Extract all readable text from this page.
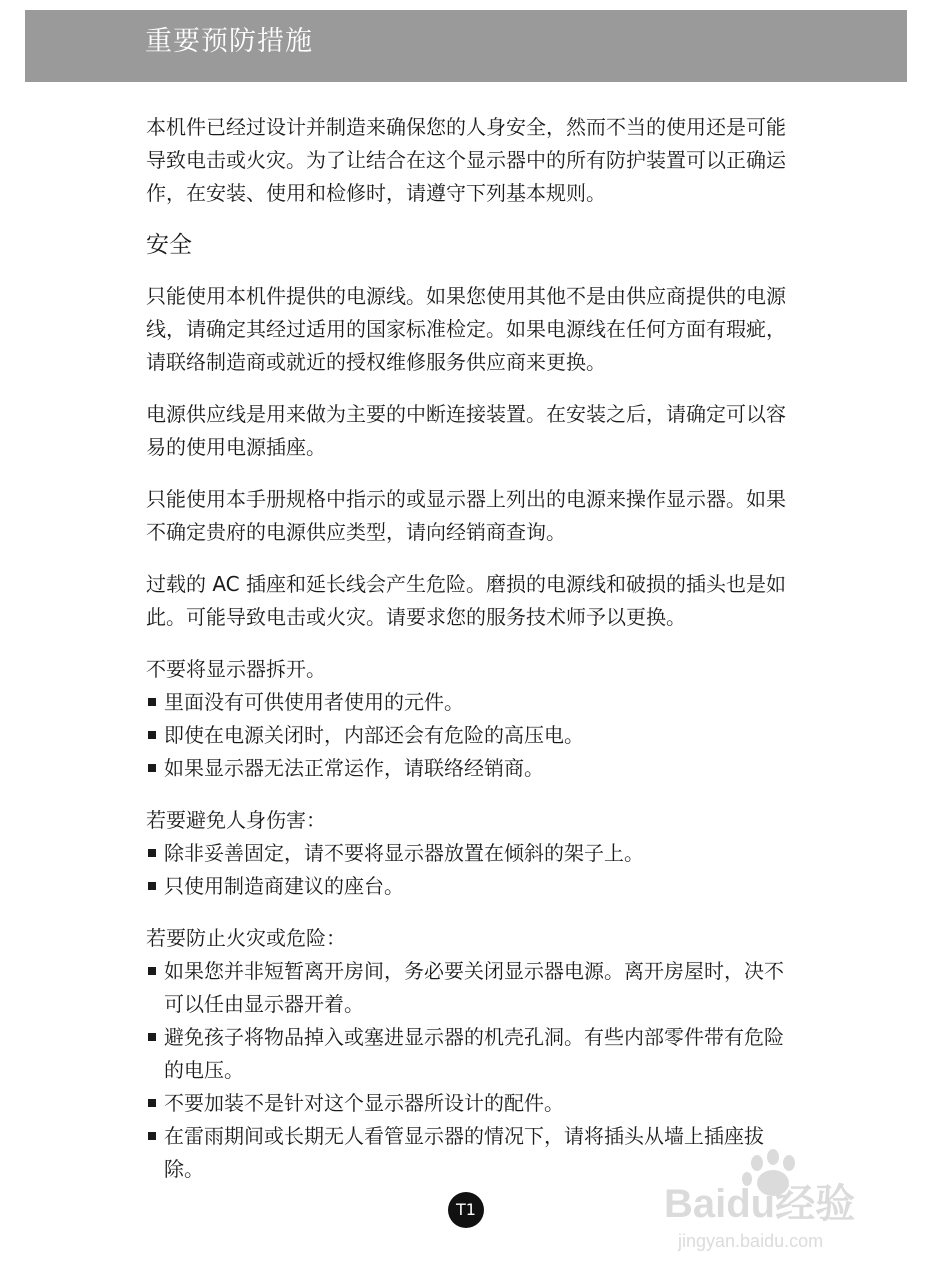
重要预防措施

本机件已经过设计并制造来确保您的人身安全，然而不当的使用还是可能导致电击或火灾。为了让结合在这个显示器中的所有防护装置可以正确运作，在安装、使用和检修时，请遵守下列基本规则。

安全

只能使用本机件提供的电源线。如果您使用其他不是由供应商提供的电源线，请确定其经过适用的国家标准检定。如果电源线在任何方面有瑕疵，请联络制造商或就近的授权维修服务供应商来更换。

电源供应线是用来做为主要的中断连接装置。在安装之后，请确定可以容易的使用电源插座。

只能使用本手册规格中指示的或显示器上列出的电源来操作显示器。如果不确定贵府的电源供应类型，请向经销商查询。

过载的 AC 插座和延长线会产生危险。磨损的电源线和破损的插头也是如此。可能导致电击或火灾。请要求您的服务技术师予以更换。

不要将显示器拆开。

里面没有可供使用者使用的元件。
即使在电源关闭时，内部还会有危险的高压电。
如果显示器无法正常运作，请联络经销商。

若要避免人身伤害：

除非妥善固定，请不要将显示器放置在倾斜的架子上。
只使用制造商建议的座台。

若要防止火灾或危险：

如果您并非短暂离开房间，务必要关闭显示器电源。离开房屋时，决不可以任由显示器开着。
避免孩子将物品掉入或塞进显示器的机壳孔洞。有些内部零件带有危险的电压。
不要加装不是针对这个显示器所设计的配件。
在雷雨期间或长期无人看管显示器的情况下，请将插头从墙上插座拔除。
T1	Baidu经验
jingyan.baidu.com
